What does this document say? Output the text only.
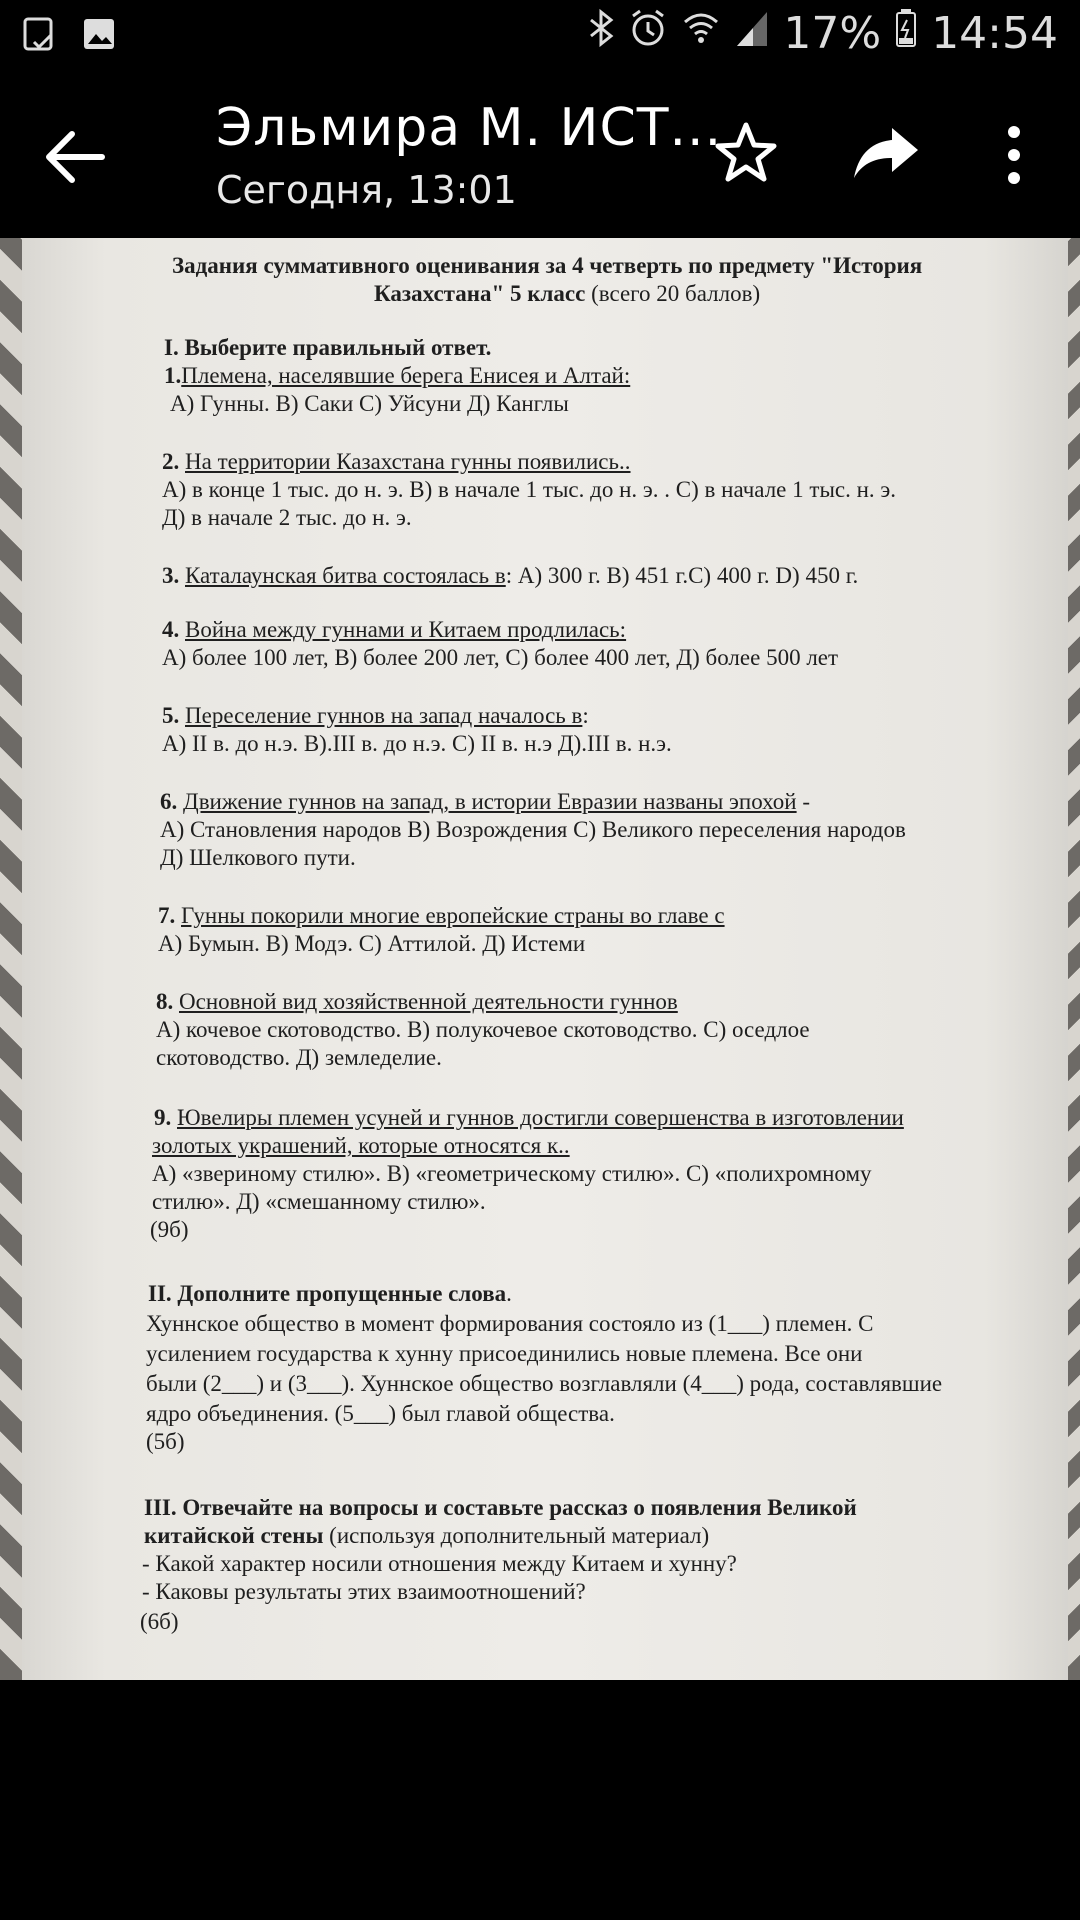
17% 14:54
Эльмира М. ИСТ...
Сегодня, 13:01
Задания суммативного оценивания за 4 четверть по предмету "История
Казахстана" 5 класс (всего 20 баллов)
I. Выберите правильный ответ.
1.Племена, населявшие берега Енисея и Алтай:
А) Гунны. В) Саки С) Уйсуни Д) Канглы
2. На территории Казахстана гунны появились..
А) в конце 1 тыс. до н. э. В) в начале 1 тыс. до н. э. . С) в начале 1 тыс. н. э.
Д) в начале 2 тыс. до н. э.
3. Каталаунская битва состоялась в: А) 300 г. В) 451 г.С) 400 г. D) 450 г.
4. Война между гуннами и Китаем продлилась:
А) более 100 лет, В) более 200 лет, С) более 400 лет, Д) более 500 лет
5. Переселение гуннов на запад началось в:
А) II в. до н.э. В).III в. до н.э. С) II в. н.э Д).III в. н.э.
6. Движение гуннов на запад, в истории Евразии названы эпохой -
А) Становления народов В) Возрождения С) Великого переселения народов
Д) Шелкового пути.
7. Гунны покорили многие европейские страны во главе с
А) Бумын. В) Модэ. С) Аттилой. Д) Истеми
8. Основной вид хозяйственной деятельности гуннов
А) кочевое скотоводство. В) полукочевое скотоводство. С) оседлое
скотоводство. Д) земледелие.
9. Ювелиры племен усуней и гуннов достигли совершенства в изготовлении
золотых украшений, которые относятся к..
А) «звериному стилю». В) «геометрическому стилю». С) «полихромному
стилю». Д) «смешанному стилю».
(9б)
II. Дополните пропущенные слова.
Хуннское общество в момент формирования состояло из (1___) племен. С
усилением государства к хунну присоединились новые племена. Все они
были (2___) и (3___). Хуннское общество возглавляли (4___) рода, составлявшие
ядро объединения. (5___) был главой общества.
(5б)
III. Отвечайте на вопросы и составьте рассказ о появления Великой
китайской стены (используя дополнительный материал)
- Какой характер носили отношения между Китаем и хунну?
- Каковы результаты этих взаимоотношений?
(6б)
